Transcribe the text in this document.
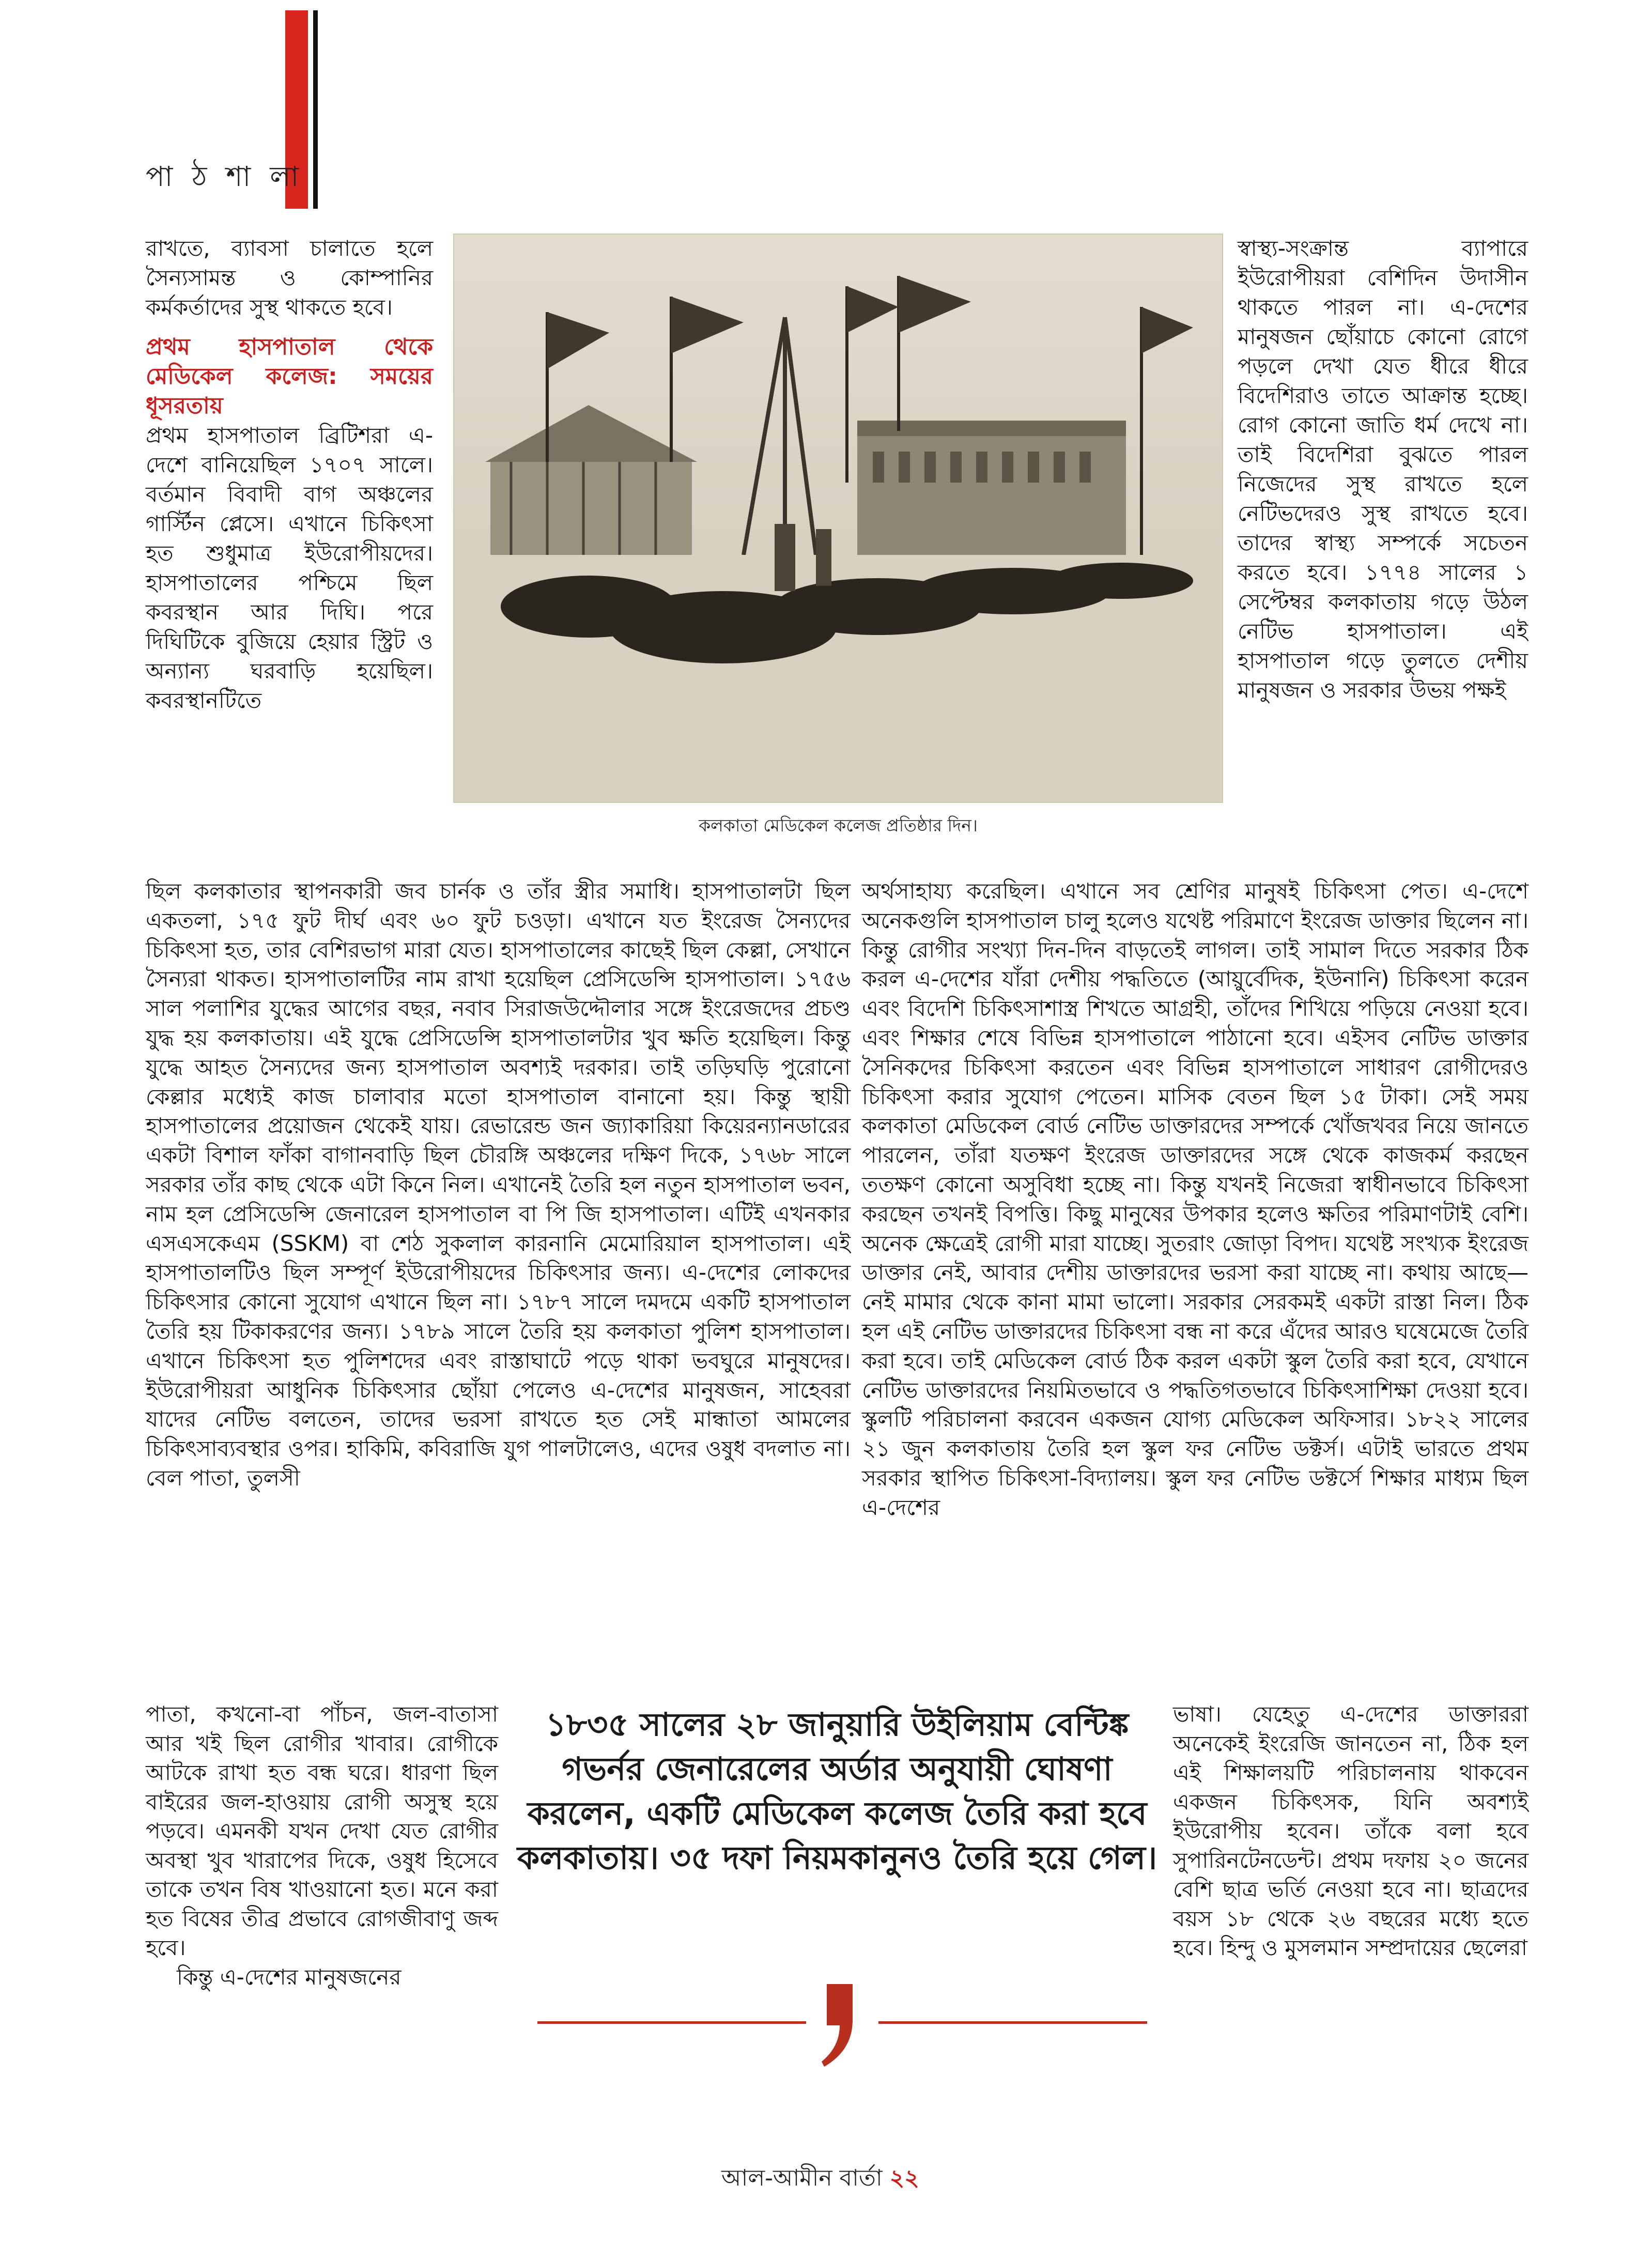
পা ঠ শা লা

রাখতে, ব্যাবসা চালাতে হলে সৈন্যসামন্ত ও কোম্পানির কর্মকর্তাদের সুস্থ থাকতে হবে।

প্রথম হাসপাতাল থেকে মেডিকেল কলেজ: সময়ের ধূসরতায়

প্রথম হাসপাতাল ব্রিটিশরা এ-দেশে বানিয়েছিল ১৭০৭ সালে। বর্তমান বিবাদী বাগ অঞ্চলের গার্স্টিন প্লেসে। এখানে চিকিৎসা হত শুধুমাত্র ইউরোপীয়দের। হাসপাতালের পশ্চিমে ছিল কবরস্থান আর দিঘি। পরে দিঘিটিকে বুজিয়ে হেয়ার স্ট্রিট ও অন্যান্য ঘরবাড়ি হয়েছিল। কবরস্থানটিতে

কলকাতা মেডিকেল কলেজ প্রতিষ্ঠার দিন।

স্বাস্থ্য-সংক্রান্ত ব্যাপারে ইউরোপীয়রা বেশিদিন উদাসীন থাকতে পারল না। এ-দেশের মানুষজন ছোঁয়াচে কোনো রোগে পড়লে দেখা যেত ধীরে ধীরে বিদেশিরাও তাতে আক্রান্ত হচ্ছে। রোগ কোনো জাতি ধর্ম দেখে না। তাই বিদেশিরা বুঝতে পারল নিজেদের সুস্থ রাখতে হলে নেটিভদেরও সুস্থ রাখতে হবে। তাদের স্বাস্থ্য সম্পর্কে সচেতন করতে হবে। ১৭৭৪ সালের ১ সেপ্টেম্বর কলকাতায় গড়ে উঠল নেটিভ হাসপাতাল। এই হাসপাতাল গড়ে তুলতে দেশীয় মানুষজন ও সরকার উভয় পক্ষই

ছিল কলকাতার স্থাপনকারী জব চার্নক ও তাঁর স্ত্রীর সমাধি। হাসপাতালটা ছিল একতলা, ১৭৫ ফুট দীর্ঘ এবং ৬০ ফুট চওড়া। এখানে যত ইংরেজ সৈন্যদের চিকিৎসা হত, তার বেশিরভাগ মারা যেত। হাসপাতালের কাছেই ছিল কেল্লা, সেখানে সৈন্যরা থাকত। হাসপাতালটির নাম রাখা হয়েছিল প্রেসিডেন্সি হাসপাতাল। ১৭৫৬ সাল পলাশির যুদ্ধের আগের বছর, নবাব সিরাজউদ্দৌলার সঙ্গে ইংরেজদের প্রচণ্ড যুদ্ধ হয় কলকাতায়। এই যুদ্ধে প্রেসিডেন্সি হাসপাতালটার খুব ক্ষতি হয়েছিল। কিন্তু যুদ্ধে আহত সৈন্যদের জন্য হাসপাতাল অবশ্যই দরকার। তাই তড়িঘড়ি পুরোনো কেল্লার মধ্যেই কাজ চালাবার মতো হাসপাতাল বানানো হয়। কিন্তু স্থায়ী হাসপাতালের প্রয়োজন থেকেই যায়। রেভারেন্ড জন জ্যাকারিয়া কিয়েরন্যানডারের একটা বিশাল ফাঁকা বাগানবাড়ি ছিল চৌরঙ্গি অঞ্চলের দক্ষিণ দিকে, ১৭৬৮ সালে সরকার তাঁর কাছ থেকে এটা কিনে নিল। এখানেই তৈরি হল নতুন হাসপাতাল ভবন, নাম হল প্রেসিডেন্সি জেনারেল হাসপাতাল বা পি জি হাসপাতাল। এটিই এখনকার এসএসকেএম (SSKM) বা শেঠ সুকলাল কারনানি মেমোরিয়াল হাসপাতাল। এই হাসপাতালটিও ছিল সম্পূর্ণ ইউরোপীয়দের চিকিৎসার জন্য। এ-দেশের লোকদের চিকিৎসার কোনো সুযোগ এখানে ছিল না। ১৭৮৭ সালে দমদমে একটি হাসপাতাল তৈরি হয় টিকাকরণের জন্য। ১৭৮৯ সালে তৈরি হয় কলকাতা পুলিশ হাসপাতাল। এখানে চিকিৎসা হত পুলিশদের এবং রাস্তাঘাটে পড়ে থাকা ভবঘুরে মানুষদের। ইউরোপীয়রা আধুনিক চিকিৎসার ছোঁয়া পেলেও এ-দেশের মানুষজন, সাহেবরা যাদের নেটিভ বলতেন, তাদের ভরসা রাখতে হত সেই মান্ধাতা আমলের চিকিৎসাব্যবস্থার ওপর। হাকিমি, কবিরাজি যুগ পালটালেও, এদের ওষুধ বদলাত না। বেল পাতা, তুলসী
অর্থসাহায্য করেছিল। এখানে সব শ্রেণির মানুষই চিকিৎসা পেত। এ-দেশে অনেকগুলি হাসপাতাল চালু হলেও যথেষ্ট পরিমাণে ইংরেজ ডাক্তার ছিলেন না। কিন্তু রোগীর সংখ্যা দিন-দিন বাড়তেই লাগল। তাই সামাল দিতে সরকার ঠিক করল এ-দেশের যাঁরা দেশীয় পদ্ধতিতে (আয়ুর্বেদিক, ইউনানি) চিকিৎসা করেন এবং বিদেশি চিকিৎসাশাস্ত্র শিখতে আগ্রহী, তাঁদের শিখিয়ে পড়িয়ে নেওয়া হবে। এবং শিক্ষার শেষে বিভিন্ন হাসপাতালে পাঠানো হবে। এইসব নেটিভ ডাক্তার সৈনিকদের চিকিৎসা করতেন এবং বিভিন্ন হাসপাতালে সাধারণ রোগীদেরও চিকিৎসা করার সুযোগ পেতেন। মাসিক বেতন ছিল ১৫ টাকা। সেই সময় কলকাতা মেডিকেল বোর্ড নেটিভ ডাক্তারদের সম্পর্কে খোঁজখবর নিয়ে জানতে পারলেন, তাঁরা যতক্ষণ ইংরেজ ডাক্তারদের সঙ্গে থেকে কাজকর্ম করছেন ততক্ষণ কোনো অসুবিধা হচ্ছে না। কিন্তু যখনই নিজেরা স্বাধীনভাবে চিকিৎসা করছেন তখনই বিপত্তি। কিছু মানুষের উপকার হলেও ক্ষতির পরিমাণটাই বেশি। অনেক ক্ষেত্রেই রোগী মারা যাচ্ছে। সুতরাং জোড়া বিপদ। যথেষ্ট সংখ্যক ইংরেজ ডাক্তার নেই, আবার দেশীয় ডাক্তারদের ভরসা করা যাচ্ছে না। কথায় আছে— নেই মামার থেকে কানা মামা ভালো। সরকার সেরকমই একটা রাস্তা নিল। ঠিক হল এই নেটিভ ডাক্তারদের চিকিৎসা বন্ধ না করে এঁদের আরও ঘষেমেজে তৈরি করা হবে। তাই মেডিকেল বোর্ড ঠিক করল একটা স্কুল তৈরি করা হবে, যেখানে নেটিভ ডাক্তারদের নিয়মিতভাবে ও পদ্ধতিগতভাবে চিকিৎসাশিক্ষা দেওয়া হবে। স্কুলটি পরিচালনা করবেন একজন যোগ্য মেডিকেল অফিসার। ১৮২২ সালের ২১ জুন কলকাতায় তৈরি হল স্কুল ফর নেটিভ ডক্টর্স। এটাই ভারতে প্রথম সরকার স্থাপিত চিকিৎসা-বিদ্যালয়। স্কুল ফর নেটিভ ডক্টর্সে শিক্ষার মাধ্যম ছিল এ-দেশের

পাতা, কখনো-বা পাঁচন, জল-বাতাসা আর খই ছিল রোগীর খাবার। রোগীকে আটকে রাখা হত বন্ধ ঘরে। ধারণা ছিল বাইরের জল-হাওয়ায় রোগী অসুস্থ হয়ে পড়বে। এমনকী যখন দেখা যেত রোগীর অবস্থা খুব খারাপের দিকে, ওষুধ হিসেবে তাকে তখন বিষ খাওয়ানো হত। মনে করা হত বিষের তীব্র প্রভাবে রোগজীবাণু জব্দ হবে।

কিন্তু এ-দেশের মানুষজনের

ভাষা। যেহেতু এ-দেশের ডাক্তাররা অনেকেই ইংরেজি জানতেন না, ঠিক হল এই শিক্ষালয়টি পরিচালনায় থাকবেন একজন চিকিৎসক, যিনি অবশ্যই ইউরোপীয় হবেন। তাঁকে বলা হবে সুপারিনটেনডেন্ট। প্রথম দফায় ২০ জনের বেশি ছাত্র ভর্তি নেওয়া হবে না। ছাত্রদের বয়স ১৮ থেকে ২৬ বছরের মধ্যে হতে হবে। হিন্দু ও মুসলমান সম্প্রদায়ের ছেলেরা

১৮৩৫ সালের ২৮ জানুয়ারি উইলিয়াম বেন্টিঙ্ক গভর্নর জেনারেলের অর্ডার অনুযায়ী ঘোষণা করলেন, একটি মেডিকেল কলেজ তৈরি করা হবে কলকাতায়। ৩৫ দফা নিয়মকানুনও তৈরি হয়ে গেল।
আল-আমীন বার্তা ২২
